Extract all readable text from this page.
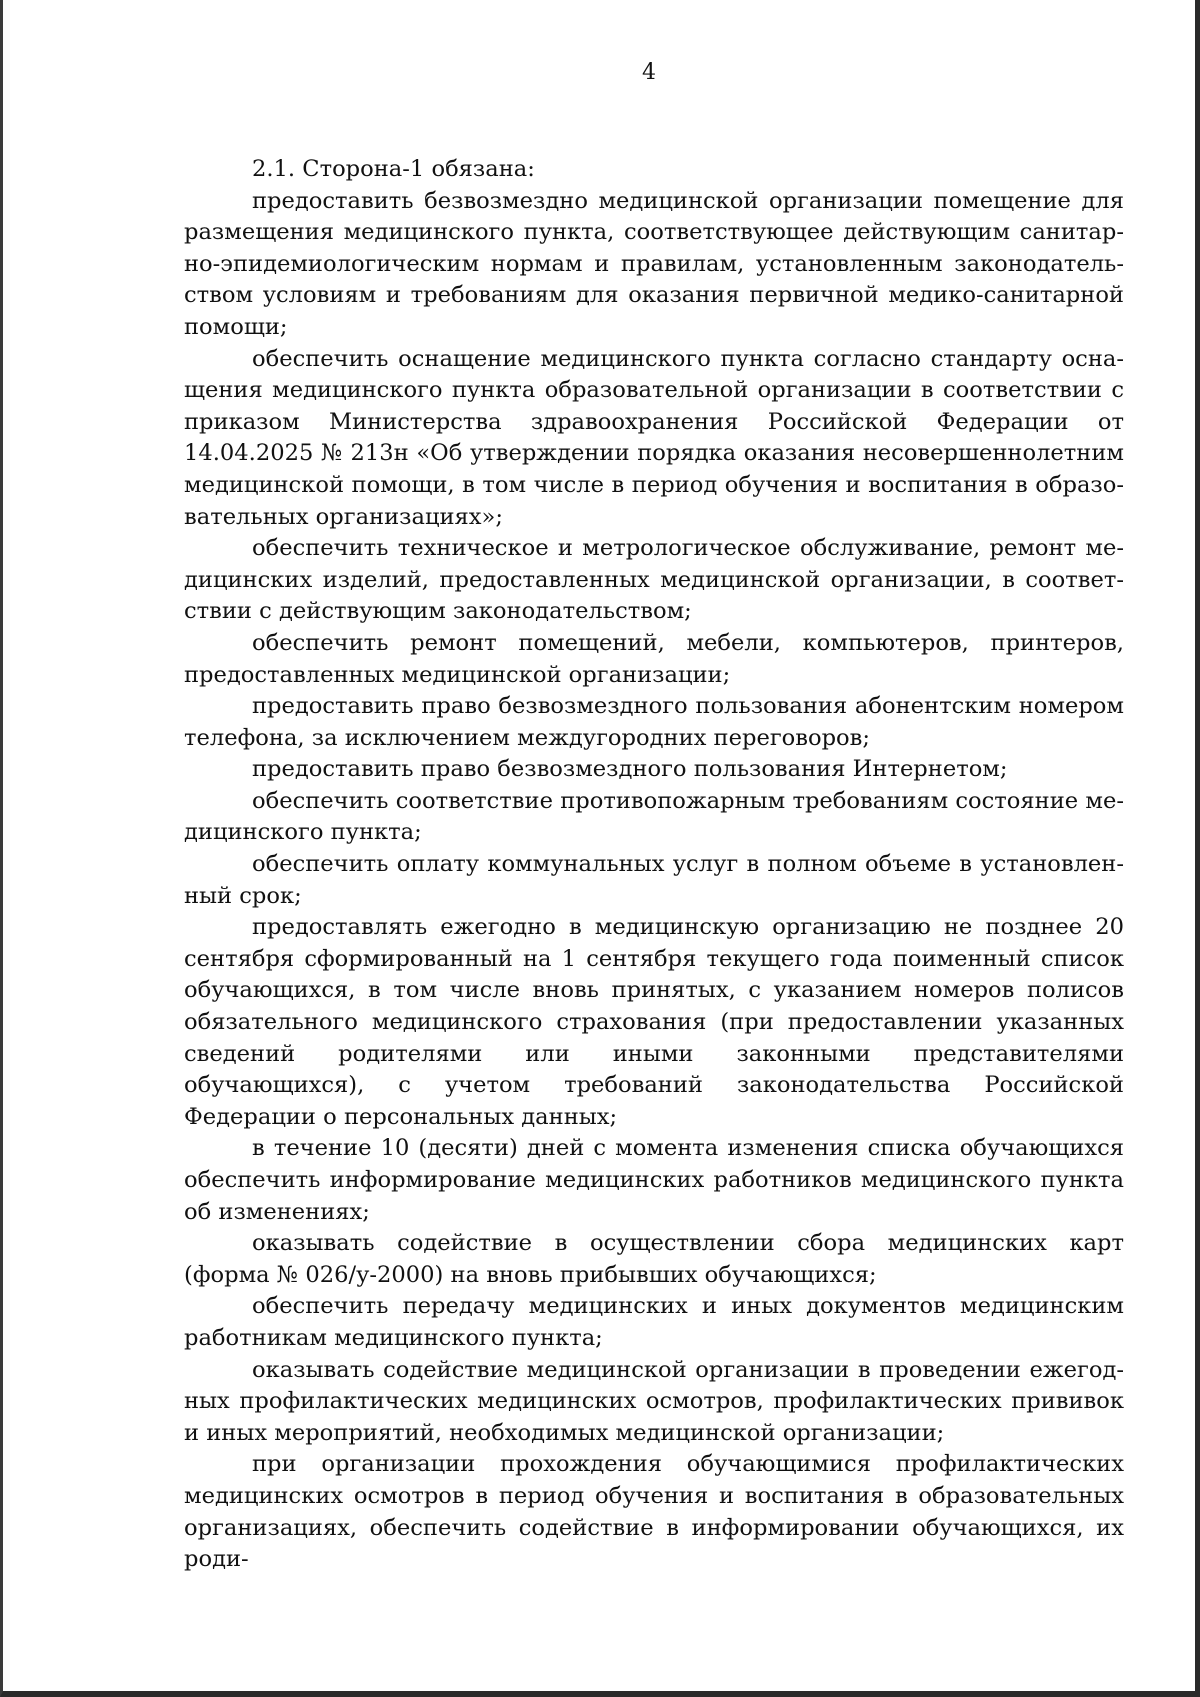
4

2.1. Сторона-1 обязана:

предоставить безвозмездно медицинской организации помещение для размещения медицинского пункта, соответствующее действующим санитарно-эпидемиологическим нормам и правилам, установленным законодательством условиям и требованиям для оказания первичной медико-санитарной помощи;

обеспечить оснащение медицинского пункта согласно стандарту оснащения медицинского пункта образовательной организации в соответствии с приказом Министерства здравоохранения Российской Федерации от 14.04.2025 № 213н «Об утверждении порядка оказания несовершеннолетним медицинской помощи, в том числе в период обучения и воспитания в образовательных организациях»;

обеспечить техническое и метрологическое обслуживание, ремонт медицинских изделий, предоставленных медицинской организации, в соответствии с действующим законодательством;

обеспечить ремонт помещений, мебели, компьютеров, принтеров, предоставленных медицинской организации;

предоставить право безвозмездного пользования абонентским номером телефона, за исключением междугородних переговоров;

предоставить право безвозмездного пользования Интернетом;

обеспечить соответствие противопожарным требованиям состояние медицинского пункта;

обеспечить оплату коммунальных услуг в полном объеме в установленный срок;

предоставлять ежегодно в медицинскую организацию не позднее 20 сентября сформированный на 1 сентября текущего года поименный список обучающихся, в том числе вновь принятых, с указанием номеров полисов обязательного медицинского страхования (при предоставлении указанных сведений родителями или иными законными представителями обучающихся), с учетом требований законодательства Российской Федерации о персональных данных;

в течение 10 (десяти) дней с момента изменения списка обучающихся обеспечить информирование медицинских работников медицинского пункта об изменениях;

оказывать содействие в осуществлении сбора медицинских карт (форма № 026/у-2000) на вновь прибывших обучающихся;

обеспечить передачу медицинских и иных документов медицинским работникам медицинского пункта;

оказывать содействие медицинской организации в проведении ежегодных профилактических медицинских осмотров, профилактических прививок и иных мероприятий, необходимых медицинской организации;

при организации прохождения обучающимися профилактических медицинских осмотров в период обучения и воспитания в образовательных организациях, обеспечить содействие в информировании обучающихся, их роди-
